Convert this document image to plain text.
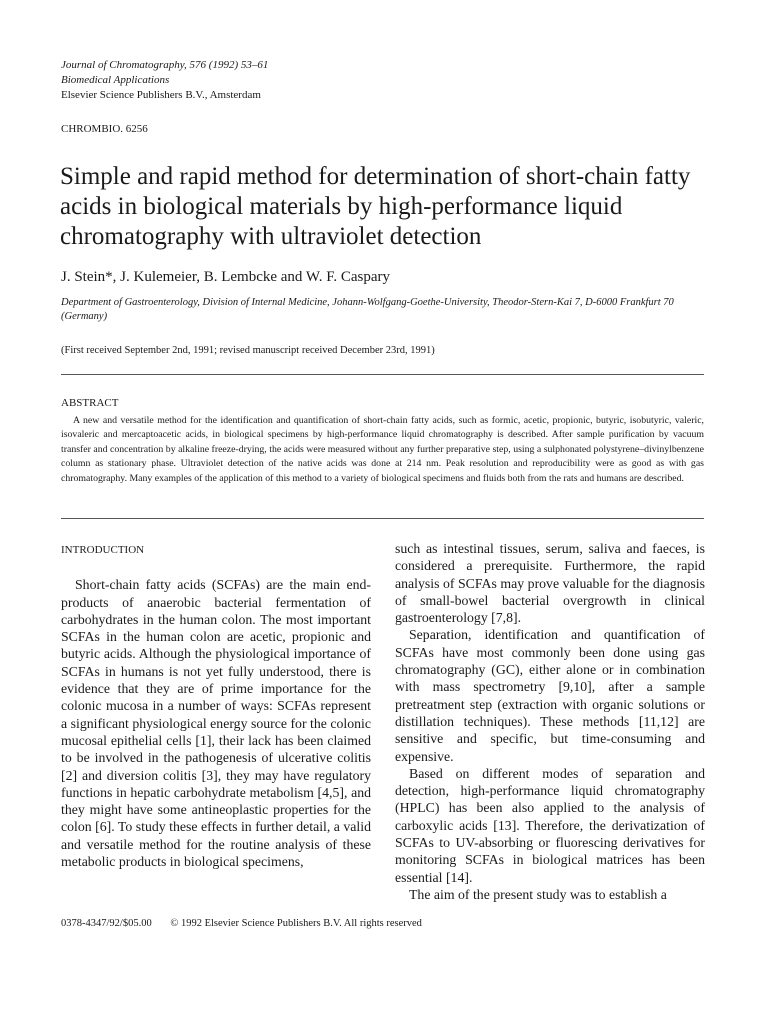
Journal of Chromatography, 576 (1992) 53–61
Biomedical Applications
Elsevier Science Publishers B.V., Amsterdam
CHROMBIO. 6256
Simple and rapid method for determination of short-chain fatty acids in biological materials by high-performance liquid chromatography with ultraviolet detection
J. Stein*, J. Kulemeier, B. Lembcke and W. F. Caspary
Department of Gastroenterology, Division of Internal Medicine, Johann-Wolfgang-Goethe-University, Theodor-Stern-Kai 7, D-6000 Frankfurt 70 (Germany)
(First received September 2nd, 1991; revised manuscript received December 23rd, 1991)
ABSTRACT

A new and versatile method for the identification and quantification of short-chain fatty acids, such as formic, acetic, propionic, butyric, isobutyric, valeric, isovaleric and mercaptoacetic acids, in biological specimens by high-performance liquid chromatography is described. After sample purification by vacuum transfer and concentration by alkaline freeze-drying, the acids were measured without any further preparative step, using a sulphonated polystyrene–divinylbenzene column as stationary phase. Ultraviolet detection of the native acids was done at 214 nm. Peak resolution and reproducibility were as good as with gas chromatography. Many examples of the application of this method to a variety of biological specimens and fluids both from the rats and humans are described.

INTRODUCTION

Short-chain fatty acids (SCFAs) are the main end-products of anaerobic bacterial fermentation of carbohydrates in the human colon. The most important SCFAs in the human colon are acetic, propionic and butyric acids. Although the physiological importance of SCFAs in humans is not yet fully understood, there is evidence that they are of prime importance for the colonic mucosa in a number of ways: SCFAs represent a significant physiological energy source for the colonic mucosal epithelial cells [1], their lack has been claimed to be involved in the pathogenesis of ulcerative colitis [2] and diversion colitis [3], they may have regulatory functions in hepatic carbohydrate metabolism [4,5], and they might have some antineoplastic properties for the colon [6]. To study these effects in further detail, a valid and versatile method for the routine analysis of these metabolic products in biological specimens,

such as intestinal tissues, serum, saliva and faeces, is considered a prerequisite. Furthermore, the rapid analysis of SCFAs may prove valuable for the diagnosis of small-bowel bacterial overgrowth in clinical gastroenterology [7,8].

Separation, identification and quantification of SCFAs have most commonly been done using gas chromatography (GC), either alone or in combination with mass spectrometry [9,10], after a sample pretreatment step (extraction with organic solutions or distillation techniques). These methods [11,12] are sensitive and specific, but time-consuming and expensive.

Based on different modes of separation and detection, high-performance liquid chromatography (HPLC) has been also applied to the analysis of carboxylic acids [13]. Therefore, the derivatization of SCFAs to UV-absorbing or fluorescing derivatives for monitoring SCFAs in biological matrices has been essential [14].

The aim of the present study was to establish a

0378-4347/92/$05.00 © 1992 Elsevier Science Publishers B.V. All rights reserved
